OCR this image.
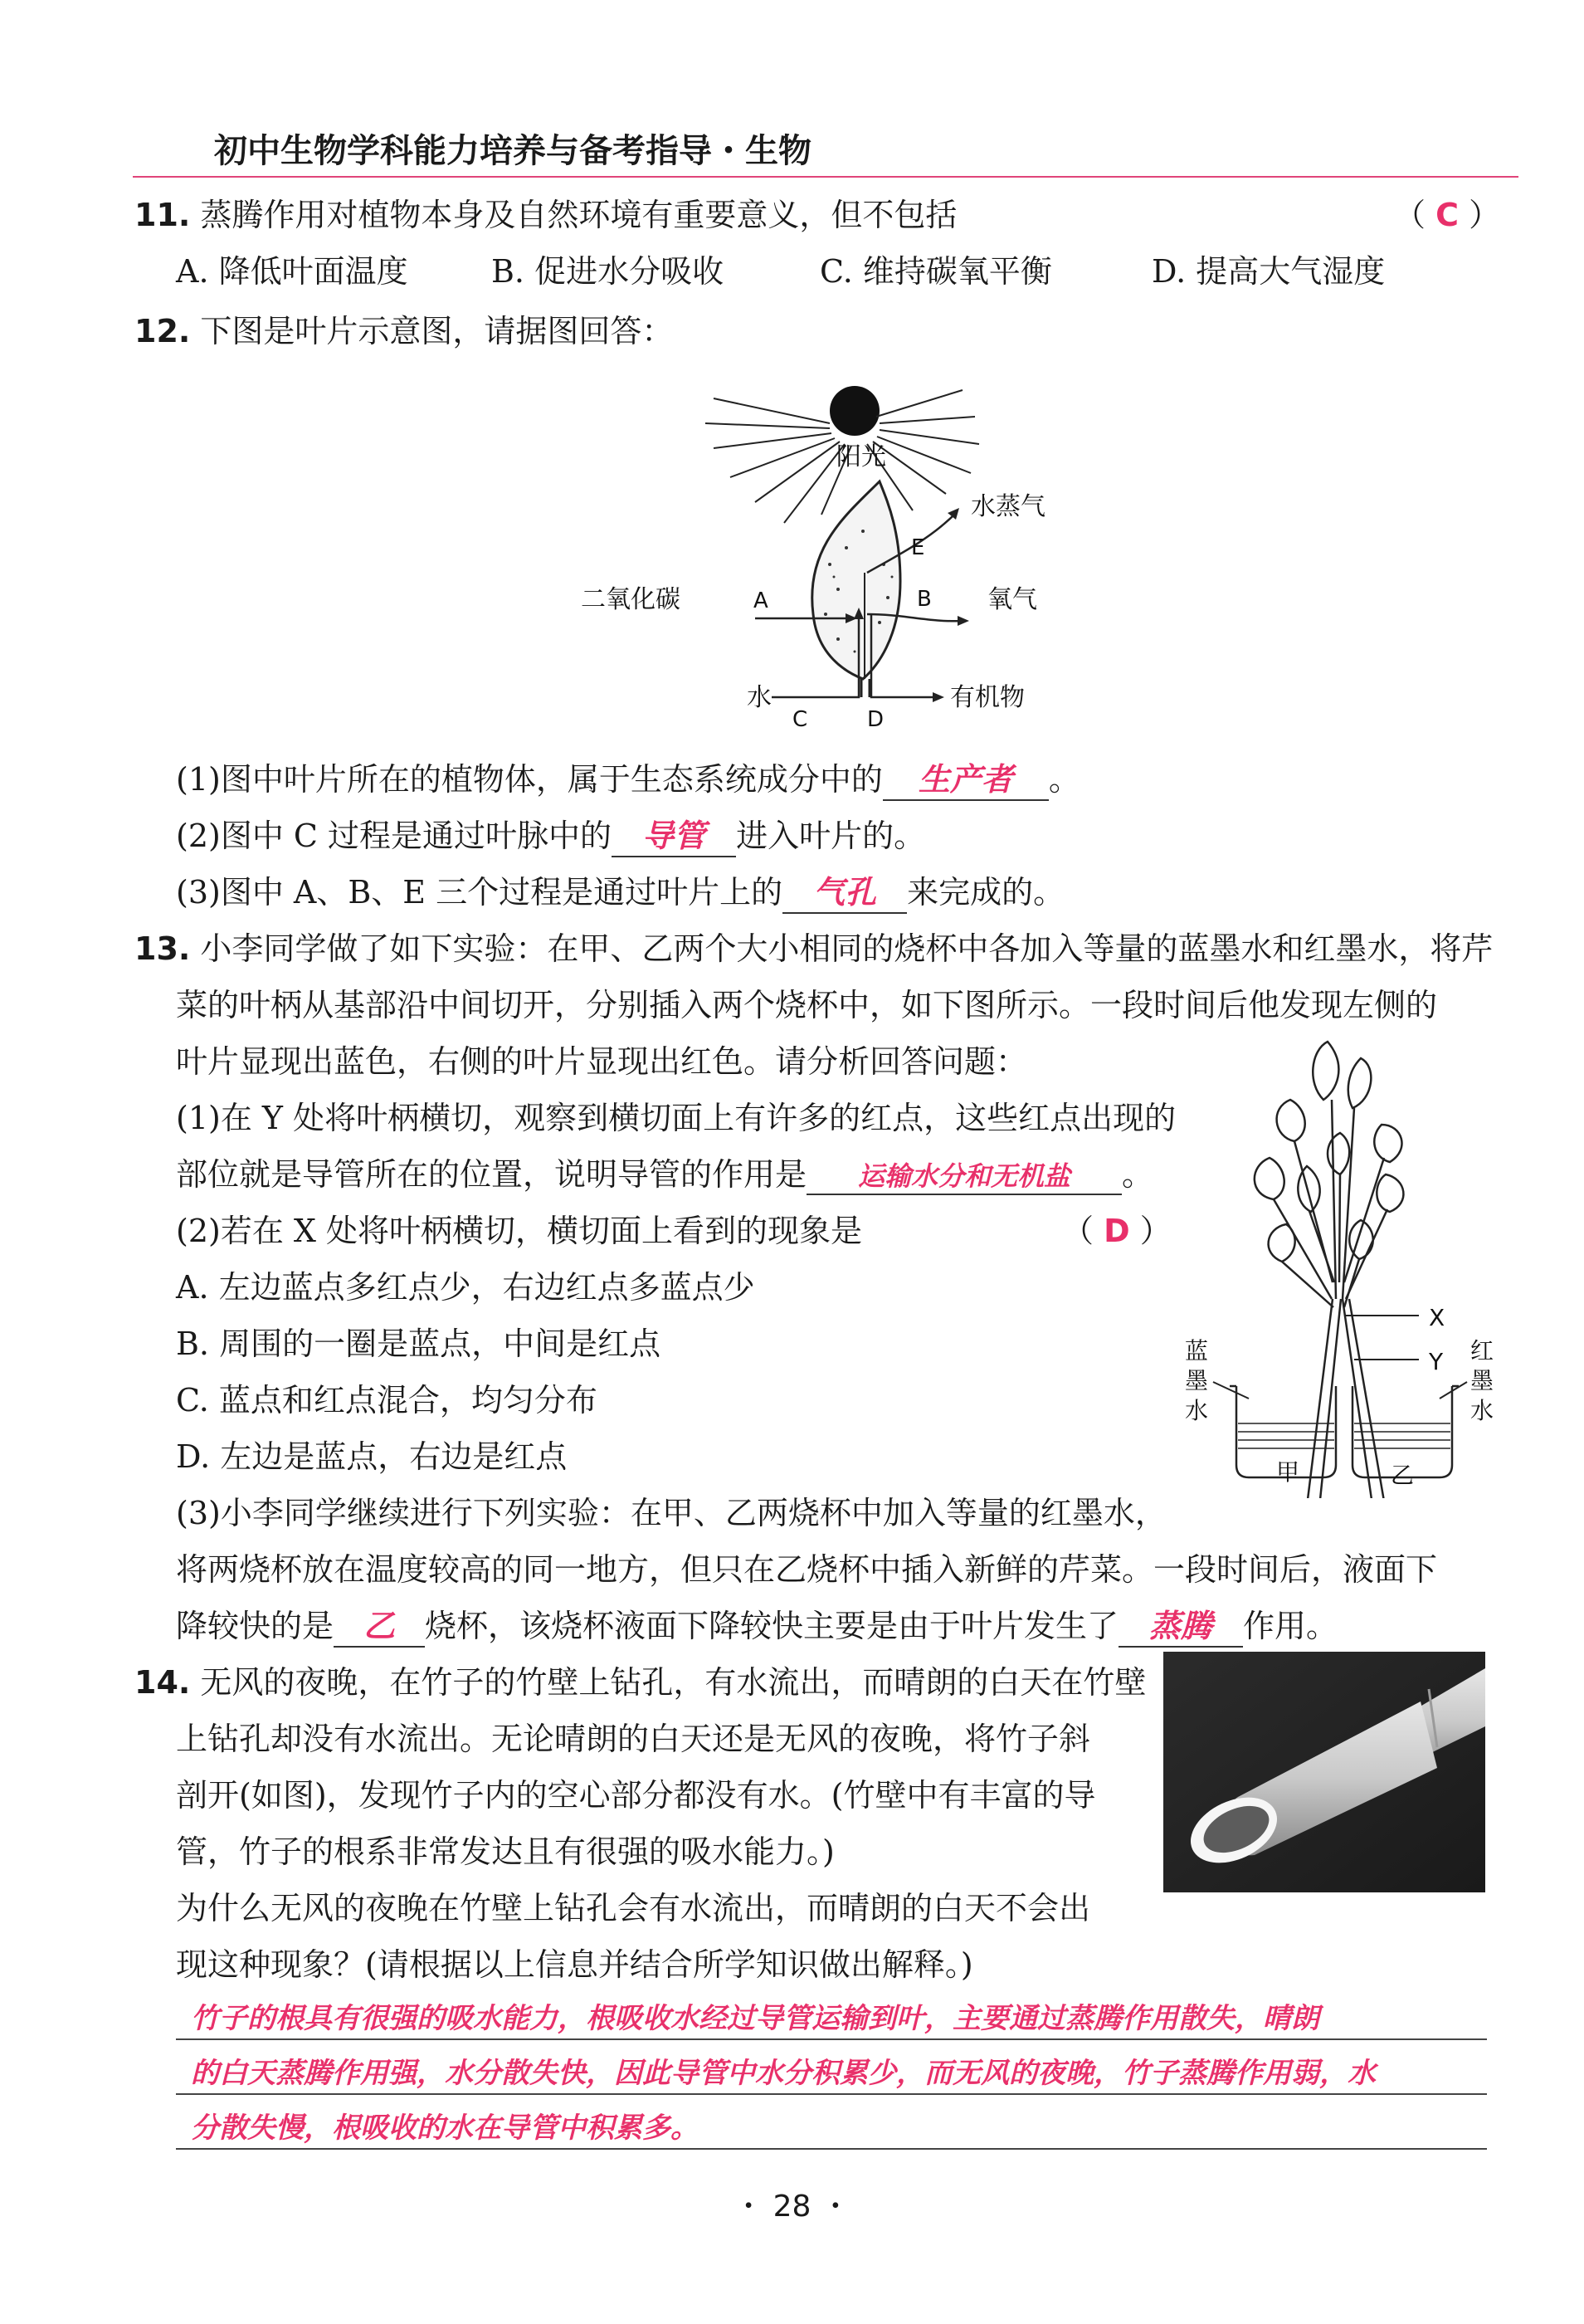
初中生物学科能力培养与备考指导・生物
11. 蒸腾作用对植物本身及自然环境有重要意义，但不包括	（ C ）
A. 降低叶面温度	B. 促进水分吸收	C. 维持碳氧平衡	D. 提高大气湿度
12. 下图是叶片示意图，请据图回答：
阳光
水蒸气
二氧化碳	氧气
水	有机物
A	B
C	D
E
(1)图中叶片所在的植物体，属于生态系统成分中的 生产者 。
(2)图中 C 过程是通过叶脉中的 导管 进入叶片的。
(3)图中 A、B、E 三个过程是通过叶片上的 气孔 来完成的。
13. 小李同学做了如下实验：在甲、乙两个大小相同的烧杯中各加入等量的蓝墨水和红墨水，将芹
菜的叶柄从基部沿中间切开，分别插入两个烧杯中，如下图所示。一段时间后他发现左侧的
叶片显现出蓝色，右侧的叶片显现出红色。请分析回答问题：
(1)在 Y 处将叶柄横切，观察到横切面上有许多的红点，这些红点出现的
部位就是导管所在的位置，说明导管的作用是 运输水分和无机盐 。
(2)若在 X 处将叶柄横切，横切面上看到的现象是	（ D ）
A. 左边蓝点多红点少，右边红点多蓝点少
B. 周围的一圈是蓝点，中间是红点
C. 蓝点和红点混合，均匀分布
D. 左边是蓝点，右边是红点
(3)小李同学继续进行下列实验：在甲、乙两烧杯中加入等量的红墨水，
将两烧杯放在温度较高的同一地方，但只在乙烧杯中插入新鲜的芹菜。一段时间后，液面下
降较快的是 乙 烧杯，该烧杯液面下降较快主要是由于叶片发生了 蒸腾 作用。
X
Y
蓝
墨
水
红
墨
水
甲	乙
14. 无风的夜晚，在竹子的竹壁上钻孔，有水流出，而晴朗的白天在竹壁
上钻孔却没有水流出。无论晴朗的白天还是无风的夜晚，将竹子斜
剖开(如图)，发现竹子内的空心部分都没有水。(竹壁中有丰富的导
管，竹子的根系非常发达且有很强的吸水能力。)
为什么无风的夜晚在竹壁上钻孔会有水流出，而晴朗的白天不会出
现这种现象？(请根据以上信息并结合所学知识做出解释。)
竹子的根具有很强的吸水能力，根吸收水经过导管运输到叶，主要通过蒸腾作用散失，晴朗
的白天蒸腾作用强，水分散失快，因此导管中水分积累少，而无风的夜晚，竹子蒸腾作用弱，水
分散失慢，根吸收的水在导管中积累多。
・ 28 ・
